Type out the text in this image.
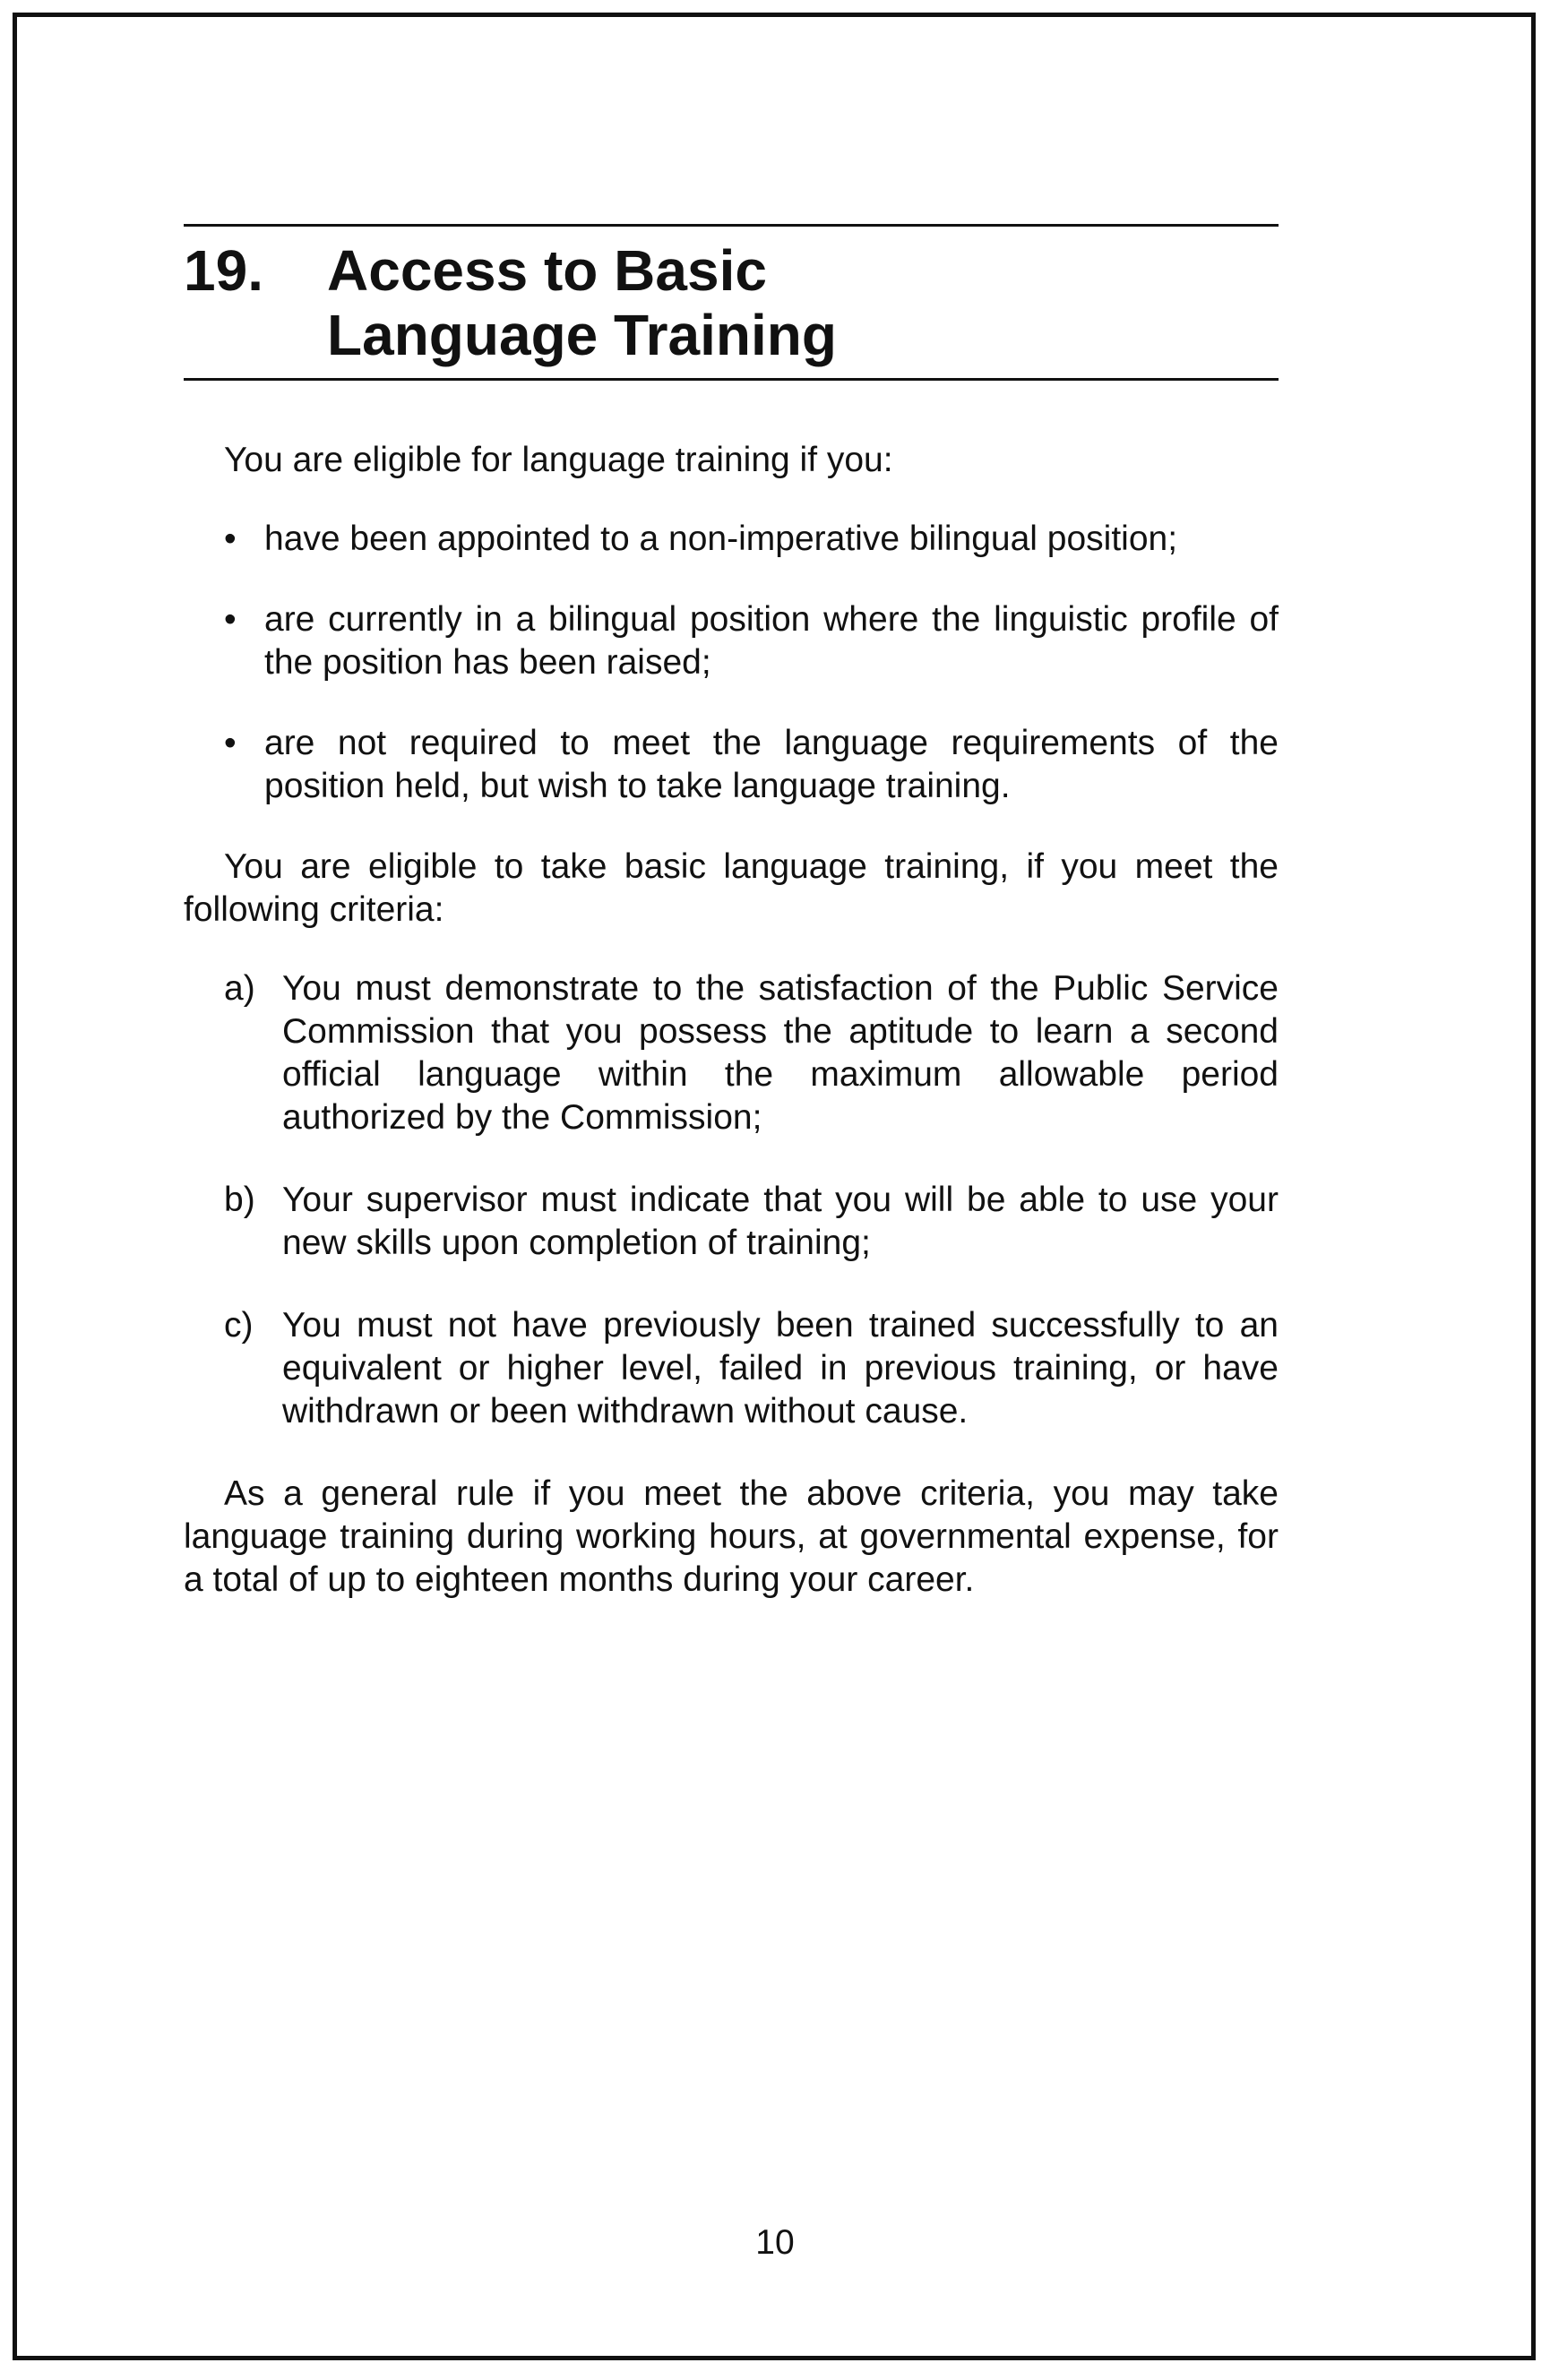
19. Access to Basic
Language Training

You are eligible for language training if you:

• have been appointed to a non-imperative bilingual position;
• are currently in a bilingual position where the linguistic profile of the position has been raised;
• are not required to meet the language requirements of the position held, but wish to take language training.

You are eligible to take basic language training, if you meet the following criteria:

a) You must demonstrate to the satisfaction of the Public Service Commission that you possess the aptitude to learn a second official language within the maximum allowable period authorized by the Commission;
b) Your supervisor must indicate that you will be able to use your new skills upon completion of training;
c) You must not have previously been trained successfully to an equivalent or higher level, failed in previous training, or have withdrawn or been withdrawn without cause.

As a general rule if you meet the above criteria, you may take language training during working hours, at governmental expense, for a total of up to eighteen months during your career.

10
